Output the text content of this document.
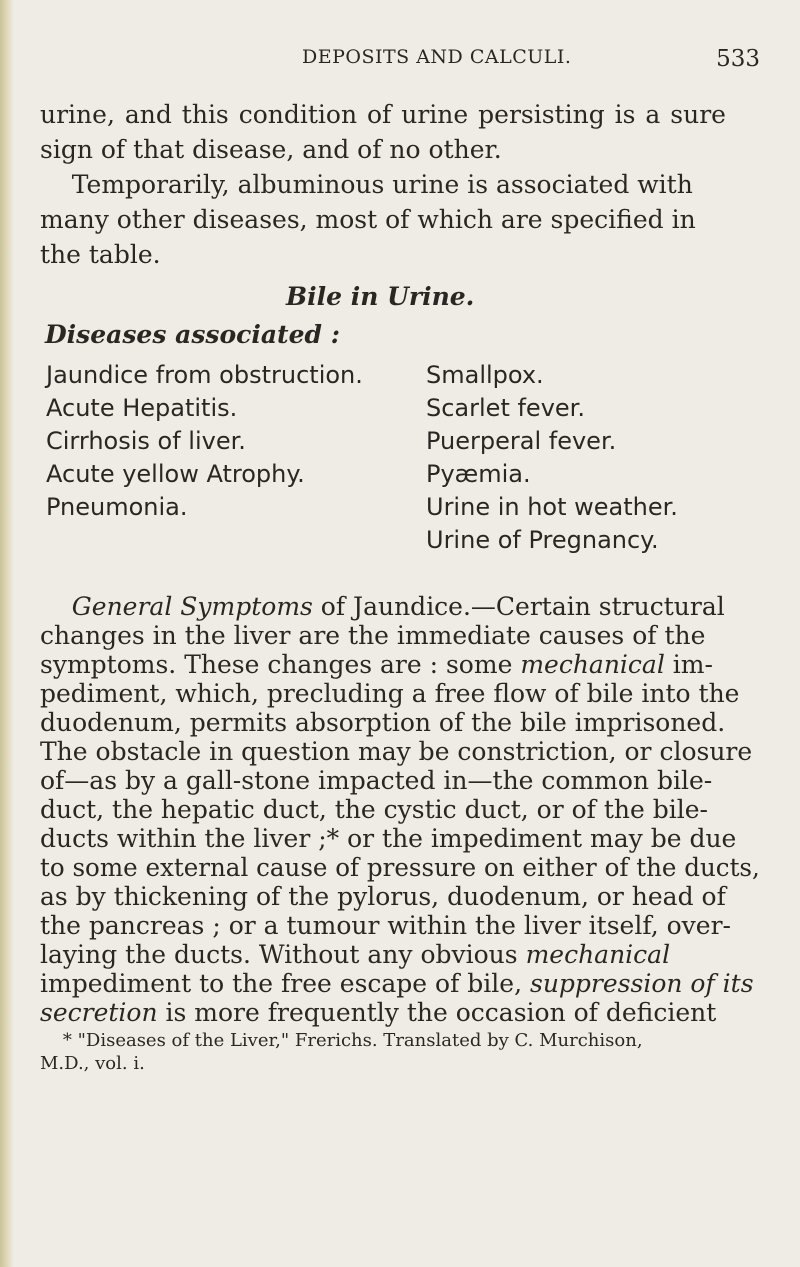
DEPOSITS AND CALCULI.	533
urine, and this condition of urine persisting is a sure
sign of that disease, and of no other.
Temporarily, albuminous urine is associated with
many other diseases, most of which are specified in
the table.
Bile in Urine.
Diseases associated :
Jaundice from obstruction.
Acute Hepatitis.
Cirrhosis of liver.
Acute yellow Atrophy.
Pneumonia.
Smallpox.
Scarlet fever.
Puerperal fever.
Pyæmia.
Urine in hot weather.
Urine of Pregnancy.
General Symptoms of Jaundice.—Certain structural
changes in the liver are the immediate causes of the
symptoms. These changes are : some mechanical im-
pediment, which, precluding a free flow of bile into the
duodenum, permits absorption of the bile imprisoned.
The obstacle in question may be constriction, or closure
of—as by a gall-stone impacted in—the common bile-
duct, the hepatic duct, the cystic duct, or of the bile-
ducts within the liver ;* or the impediment may be due
to some external cause of pressure on either of the ducts,
as by thickening of the pylorus, duodenum, or head of
the pancreas ; or a tumour within the liver itself, over-
laying the ducts. Without any obvious mechanical
impediment to the free escape of bile, suppression of its
secretion is more frequently the occasion of deficient
* "Diseases of the Liver," Frerichs. Translated by C. Murchison,
M.D., vol. i.
